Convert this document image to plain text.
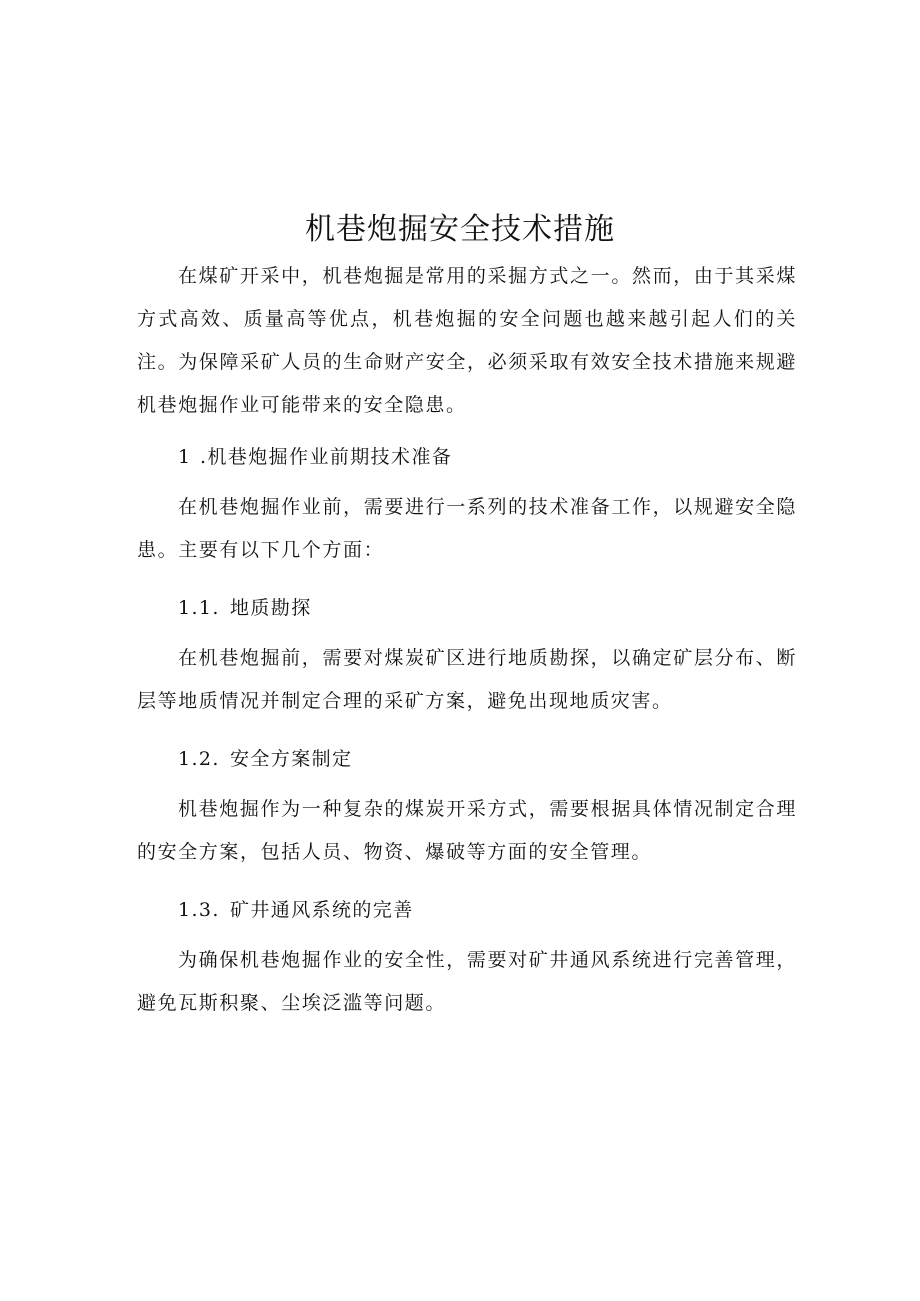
机巷炮掘安全技术措施

在煤矿开采中，机巷炮掘是常用的采掘方式之一。然而，由于其采煤方式高效、质量高等优点，机巷炮掘的安全问题也越来越引起人们的关注。为保障采矿人员的生命财产安全，必须采取有效安全技术措施来规避机巷炮掘作业可能带来的安全隐患。

1 .机巷炮掘作业前期技术准备

在机巷炮掘作业前，需要进行一系列的技术准备工作，以规避安全隐患。主要有以下几个方面：

1.1. 地质勘探

在机巷炮掘前，需要对煤炭矿区进行地质勘探，以确定矿层分布、断层等地质情况并制定合理的采矿方案，避免出现地质灾害。

1.2. 安全方案制定

机巷炮掘作为一种复杂的煤炭开采方式，需要根据具体情况制定合理的安全方案，包括人员、物资、爆破等方面的安全管理。

1.3. 矿井通风系统的完善

为确保机巷炮掘作业的安全性，需要对矿井通风系统进行完善管理，避免瓦斯积聚、尘埃泛滥等问题。
